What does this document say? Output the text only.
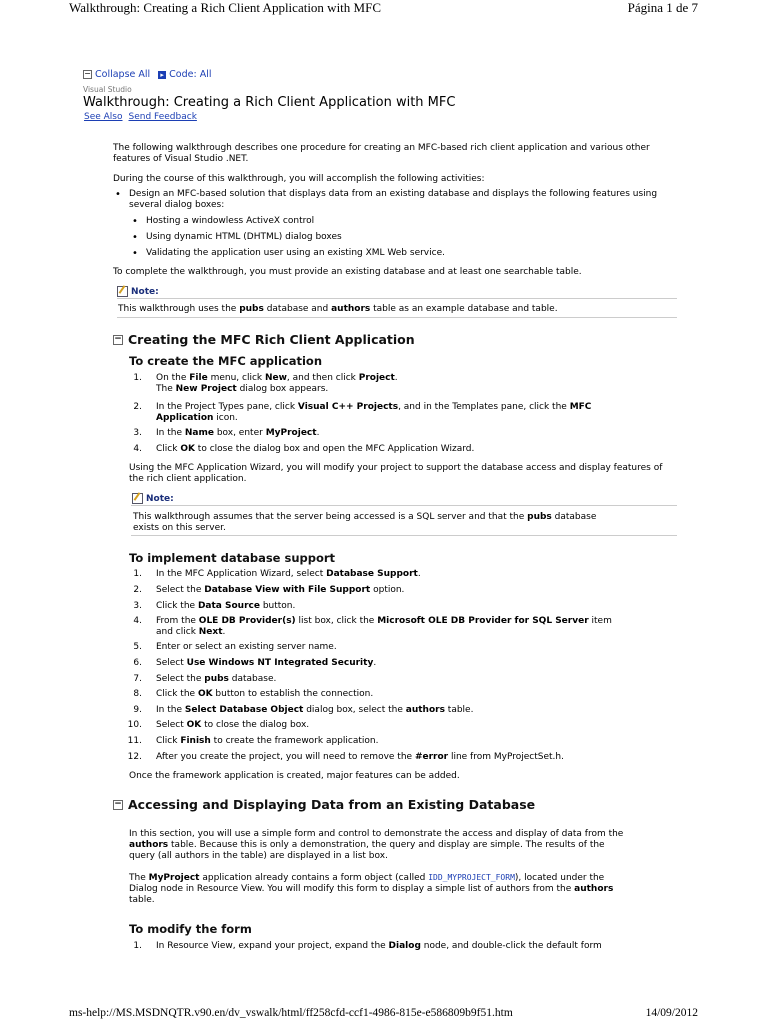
Walkthrough: Creating a Rich Client Application with MFC	Página 1 de 7
ms-help://MS.MSDNQTR.v90.en/dv_vswalk/html/ff258cfd-ccf1-4986-815e-e586809b9f51.htm	14/09/2012
− Collapse All	▸ Code: All
Visual Studio
Walkthrough: Creating a Rich Client Application with MFC
See Also Send Feedback

The following walkthrough describes one procedure for creating an MFC-based rich client application and various other features of Visual Studio .NET.

During the course of this walkthrough, you will accomplish the following activities:

• Design an MFC-based solution that displays data from an existing database and displays the following features using several dialog boxes:
• Hosting a windowless ActiveX control
• Using dynamic HTML (DHTML) dialog boxes
• Validating the application user using an existing XML Web service.

To complete the walkthrough, you must provide an existing database and at least one searchable table.

Note:
This walkthrough uses the pubs database and authors table as an example database and table.
− Creating the MFC Rich Client Application
To create the MFC application
1. On the File menu, click New, and then click Project.
The New Project dialog box appears.
2. In the Project Types pane, click Visual C++ Projects, and in the Templates pane, click the MFC
Application icon.
3. In the Name box, enter MyProject.
4. Click OK to close the dialog box and open the MFC Application Wizard.

Using the MFC Application Wizard, you will modify your project to support the database access and display features of the rich client application.

Note:
This walkthrough assumes that the server being accessed is a SQL server and that the pubs database
exists on this server.
To implement database support
1. In the MFC Application Wizard, select Database Support.
2. Select the Database View with File Support option.
3. Click the Data Source button.
4. From the OLE DB Provider(s) list box, click the Microsoft OLE DB Provider for SQL Server item
and click Next.
5. Enter or select an existing server name.
6. Select Use Windows NT Integrated Security.
7. Select the pubs database.
8. Click the OK button to establish the connection.
9. In the Select Database Object dialog box, select the authors table.
10. Select OK to close the dialog box.
11. Click Finish to create the framework application.
12. After you create the project, you will need to remove the #error line from MyProjectSet.h.

Once the framework application is created, major features can be added.

− Accessing and Displaying Data from an Existing Database
In this section, you will use a simple form and control to demonstrate the access and display of data from the
authors table. Because this is only a demonstration, the query and display are simple. The results of the
query (all authors in the table) are displayed in a list box.
The MyProject application already contains a form object (called IDD_MYPROJECT_FORM), located under the
Dialog node in Resource View. You will modify this form to display a simple list of authors from the authors
table.
To modify the form
1. In Resource View, expand your project, expand the Dialog node, and double-click the default form
